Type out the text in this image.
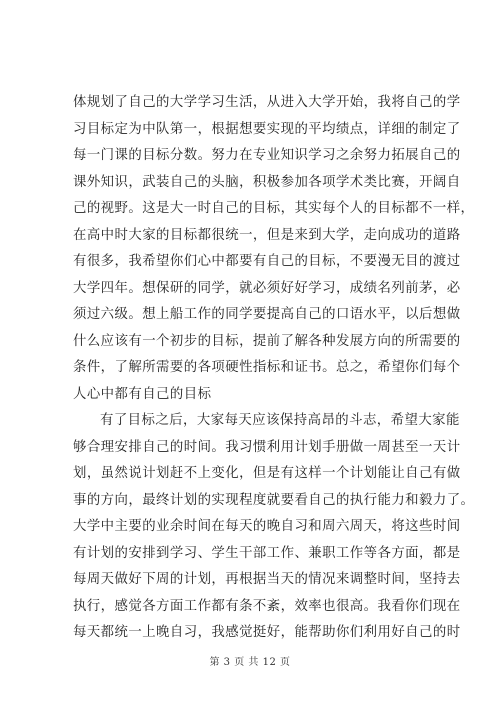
体规划了自己的大学学习生活，从进入大学开始，我将自己的学
习目标定为中队第一，根据想要实现的平均绩点，详细的制定了
每一门课的目标分数。努力在专业知识学习之余努力拓展自己的
课外知识，武装自己的头脑，积极参加各项学术类比赛，开阔自
己的视野。这是大一时自己的目标，其实每个人的目标都不一样，
在高中时大家的目标都很统一，但是来到大学，走向成功的道路
有很多，我希望你们心中都要有自己的目标，不要漫无目的渡过
大学四年。想保研的同学，就必须好好学习，成绩名列前茅，必
须过六级。想上船工作的同学要提高自己的口语水平，以后想做
什么应该有一个初步的目标，提前了解各种发展方向的所需要的
条件，了解所需要的各项硬性指标和证书。总之，希望你们每个
人心中都有自己的目标
有了目标之后，大家每天应该保持高昂的斗志，希望大家能
够合理安排自己的时间。我习惯利用计划手册做一周甚至一天计
划，虽然说计划赶不上变化，但是有这样一个计划能让自己有做
事的方向，最终计划的实现程度就要看自己的执行能力和毅力了。
大学中主要的业余时间在每天的晚自习和周六周天，将这些时间
有计划的安排到学习、学生干部工作、兼职工作等各方面，都是
每周天做好下周的计划，再根据当天的情况来调整时间，坚持去
执行，感觉各方面工作都有条不紊，效率也很高。我看你们现在
每天都统一上晚自习，我感觉挺好，能帮助你们利用好自己的时
第 3 页 共 12 页
